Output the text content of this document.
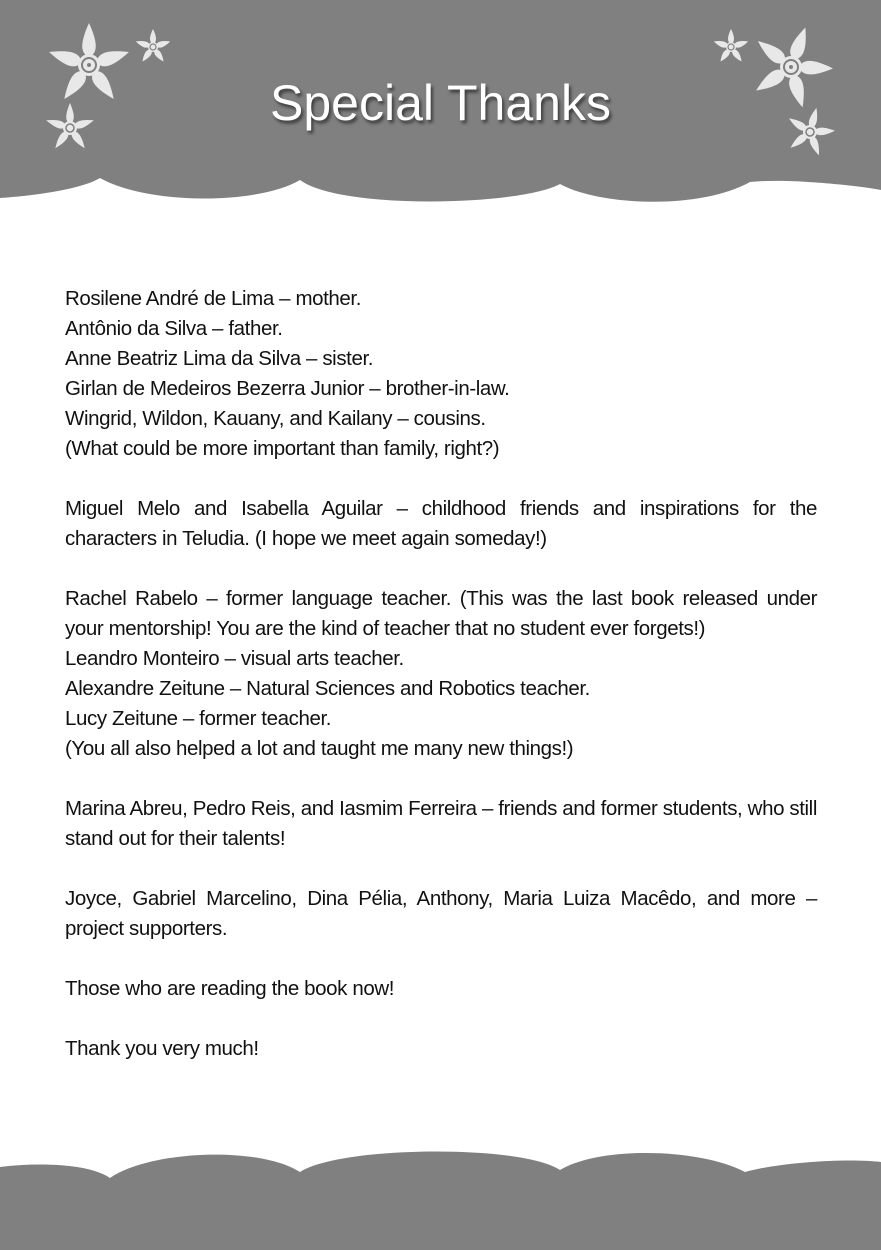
Special Thanks

Rosilene André de Lima – mother.
Antônio da Silva – father.
Anne Beatriz Lima da Silva – sister.
Girlan de Medeiros Bezerra Junior – brother-in-law.
Wingrid, Wildon, Kauany, and Kailany – cousins.
(What could be more important than family, right?)

Miguel Melo and Isabella Aguilar – childhood friends and inspirations for the characters in Teludia. (I hope we meet again someday!)

Rachel Rabelo – former language teacher. (This was the last book released under your mentorship! You are the kind of teacher that no student ever forgets!)
Leandro Monteiro – visual arts teacher.
Alexandre Zeitune – Natural Sciences and Robotics teacher.
Lucy Zeitune – former teacher.
(You all also helped a lot and taught me many new things!)

Marina Abreu, Pedro Reis, and Iasmim Ferreira – friends and former students, who still stand out for their talents!

Joyce, Gabriel Marcelino, Dina Pélia, Anthony, Maria Luiza Macêdo, and more – project supporters.

Those who are reading the book now!

Thank you very much!
